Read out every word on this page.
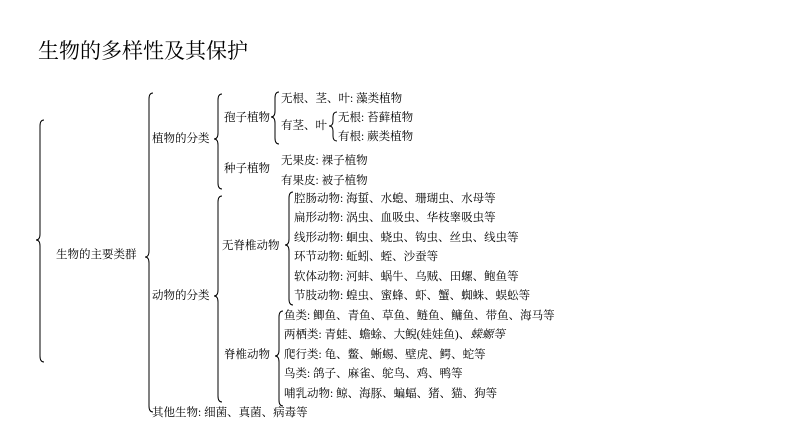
生物的多样性及其保护
生物的主要类群
植物的分类
孢子植物
无根、茎、叶: 藻类植物
有茎、叶
无根: 苔藓植物
有根: 蕨类植物
种子植物
无果皮: 裸子植物
有果皮: 被子植物
动物的分类
无脊椎动物
腔肠动物: 海蜇、水螅、珊瑚虫、水母等
扁形动物: 涡虫、血吸虫、华枝睾吸虫等
线形动物: 蛔虫、蛲虫、钩虫、丝虫、线虫等
环节动物: 蚯蚓、蛭、沙蚕等
软体动物: 河蚌、蜗牛、乌贼、田螺、鲍鱼等
节肢动物: 蝗虫、蜜蜂、虾、蟹、蜘蛛、蜈蚣等
脊椎动物
鱼类: 鲫鱼、青鱼、草鱼、鲢鱼、鳙鱼、带鱼、海马等
两栖类: 青蛙、蟾蜍、大鲵(娃娃鱼)、蝾螈等
爬行类: 龟、鳖、蜥蜴、壁虎、鳄、蛇等
鸟类: 鸽子、麻雀、鸵鸟、鸡、鸭等
哺乳动物: 鲸、海豚、蝙蝠、猪、猫、狗等
其他生物: 细菌、真菌、病毒等
